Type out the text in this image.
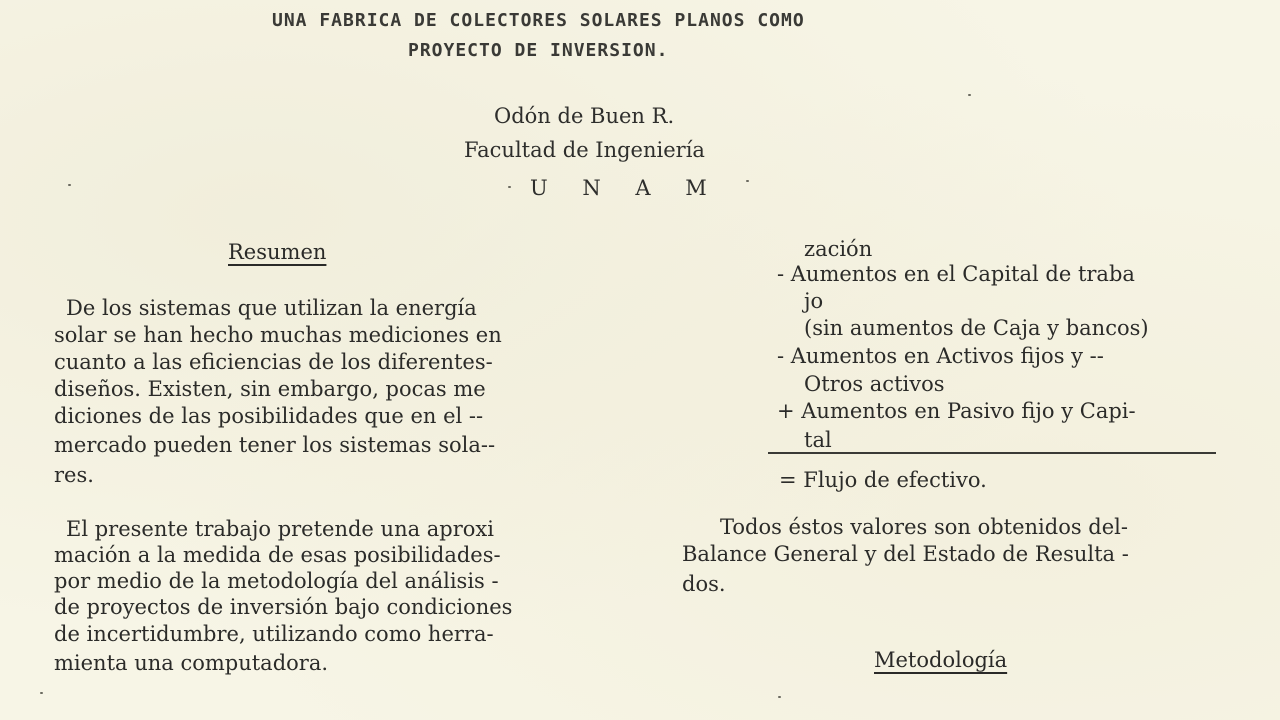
UNA FABRICA DE COLECTORES SOLARES PLANOS COMO
PROYECTO DE INVERSION.
Odón de Buen R.
Facultad de Ingeniería
U N A M
Resumen
De los sistemas que utilizan la energía
solar se han hecho muchas mediciones en
cuanto a las eficiencias de los diferentes-
diseños. Existen, sin embargo, pocas me
diciones de las posibilidades que en el --
mercado pueden tener los sistemas sola--
res.
El presente trabajo pretende una aproxi
mación a la medida de esas posibilidades-
por medio de la metodología del análisis -
de proyectos de inversión bajo condiciones
de incertidumbre, utilizando como herra-
mienta una computadora.
zación
- Aumentos en el Capital de traba
jo
(sin aumentos de Caja y bancos)
- Aumentos en Activos fijos y --
Otros activos
+ Aumentos en Pasivo fijo y Capi-
tal
= Flujo de efectivo.
Todos éstos valores son obtenidos del-
Balance General y del Estado de Resulta -
dos.
Metodología
